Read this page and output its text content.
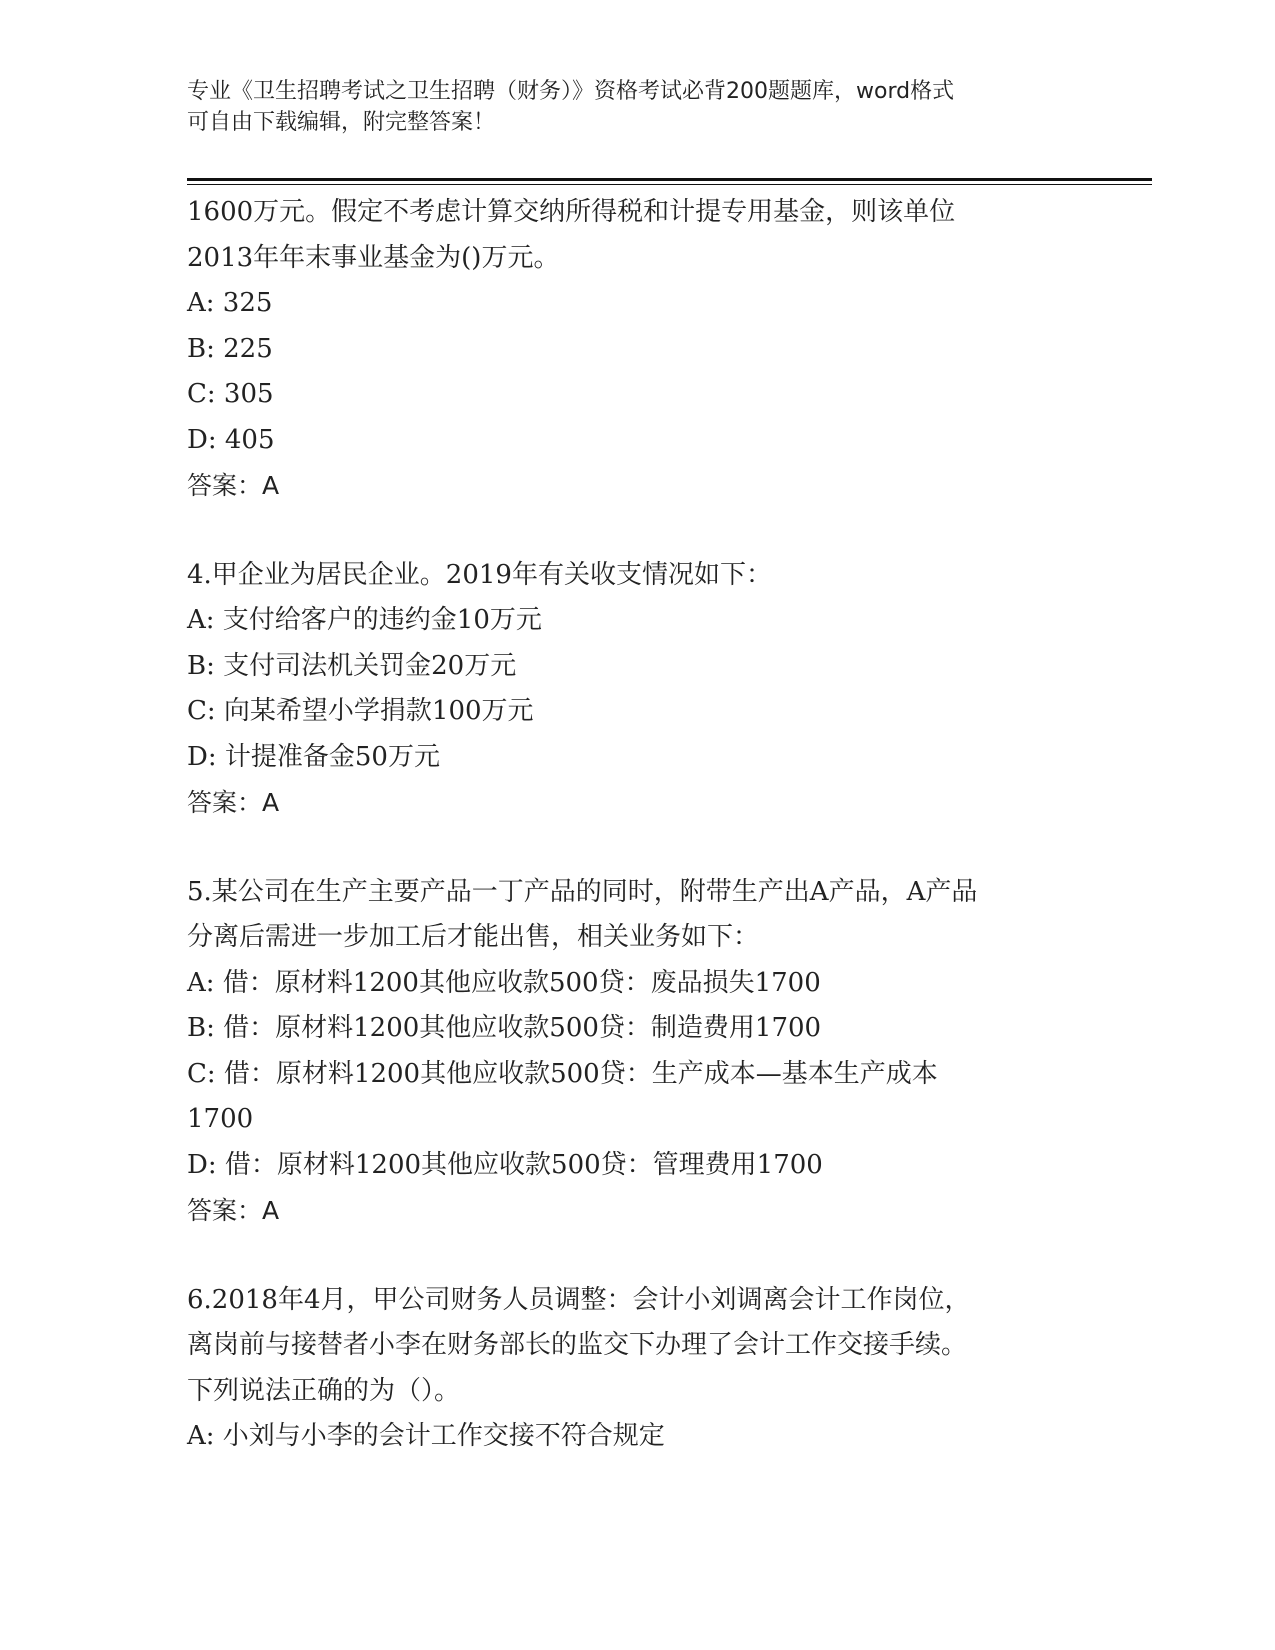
专业《卫生招聘考试之卫生招聘（财务）》资格考试必背200题题库，word格式
可自由下载编辑，附完整答案！
1600万元。假定不考虑计算交纳所得税和计提专用基金，则该单位
2013年年末事业基金为()万元。
A: 325
B: 225
C: 305
D: 405
答案：A
4.甲企业为居民企业。2019年有关收支情况如下：
A: 支付给客户的违约金10万元
B: 支付司法机关罚金20万元
C: 向某希望小学捐款100万元
D: 计提准备金50万元
答案：A
5.某公司在生产主要产品一丁产品的同时，附带生产出A产品，A产品
分离后需进一步加工后才能出售，相关业务如下：
A: 借：原材料1200其他应收款500贷：废品损失1700
B: 借：原材料1200其他应收款500贷：制造费用1700
C: 借：原材料1200其他应收款500贷：生产成本—基本生产成本
1700
D: 借：原材料1200其他应收款500贷：管理费用1700
答案：A
6.2018年4月，甲公司财务人员调整：会计小刘调离会计工作岗位，
离岗前与接替者小李在财务部长的监交下办理了会计工作交接手续。
下列说法正确的为（）。
A: 小刘与小李的会计工作交接不符合规定
